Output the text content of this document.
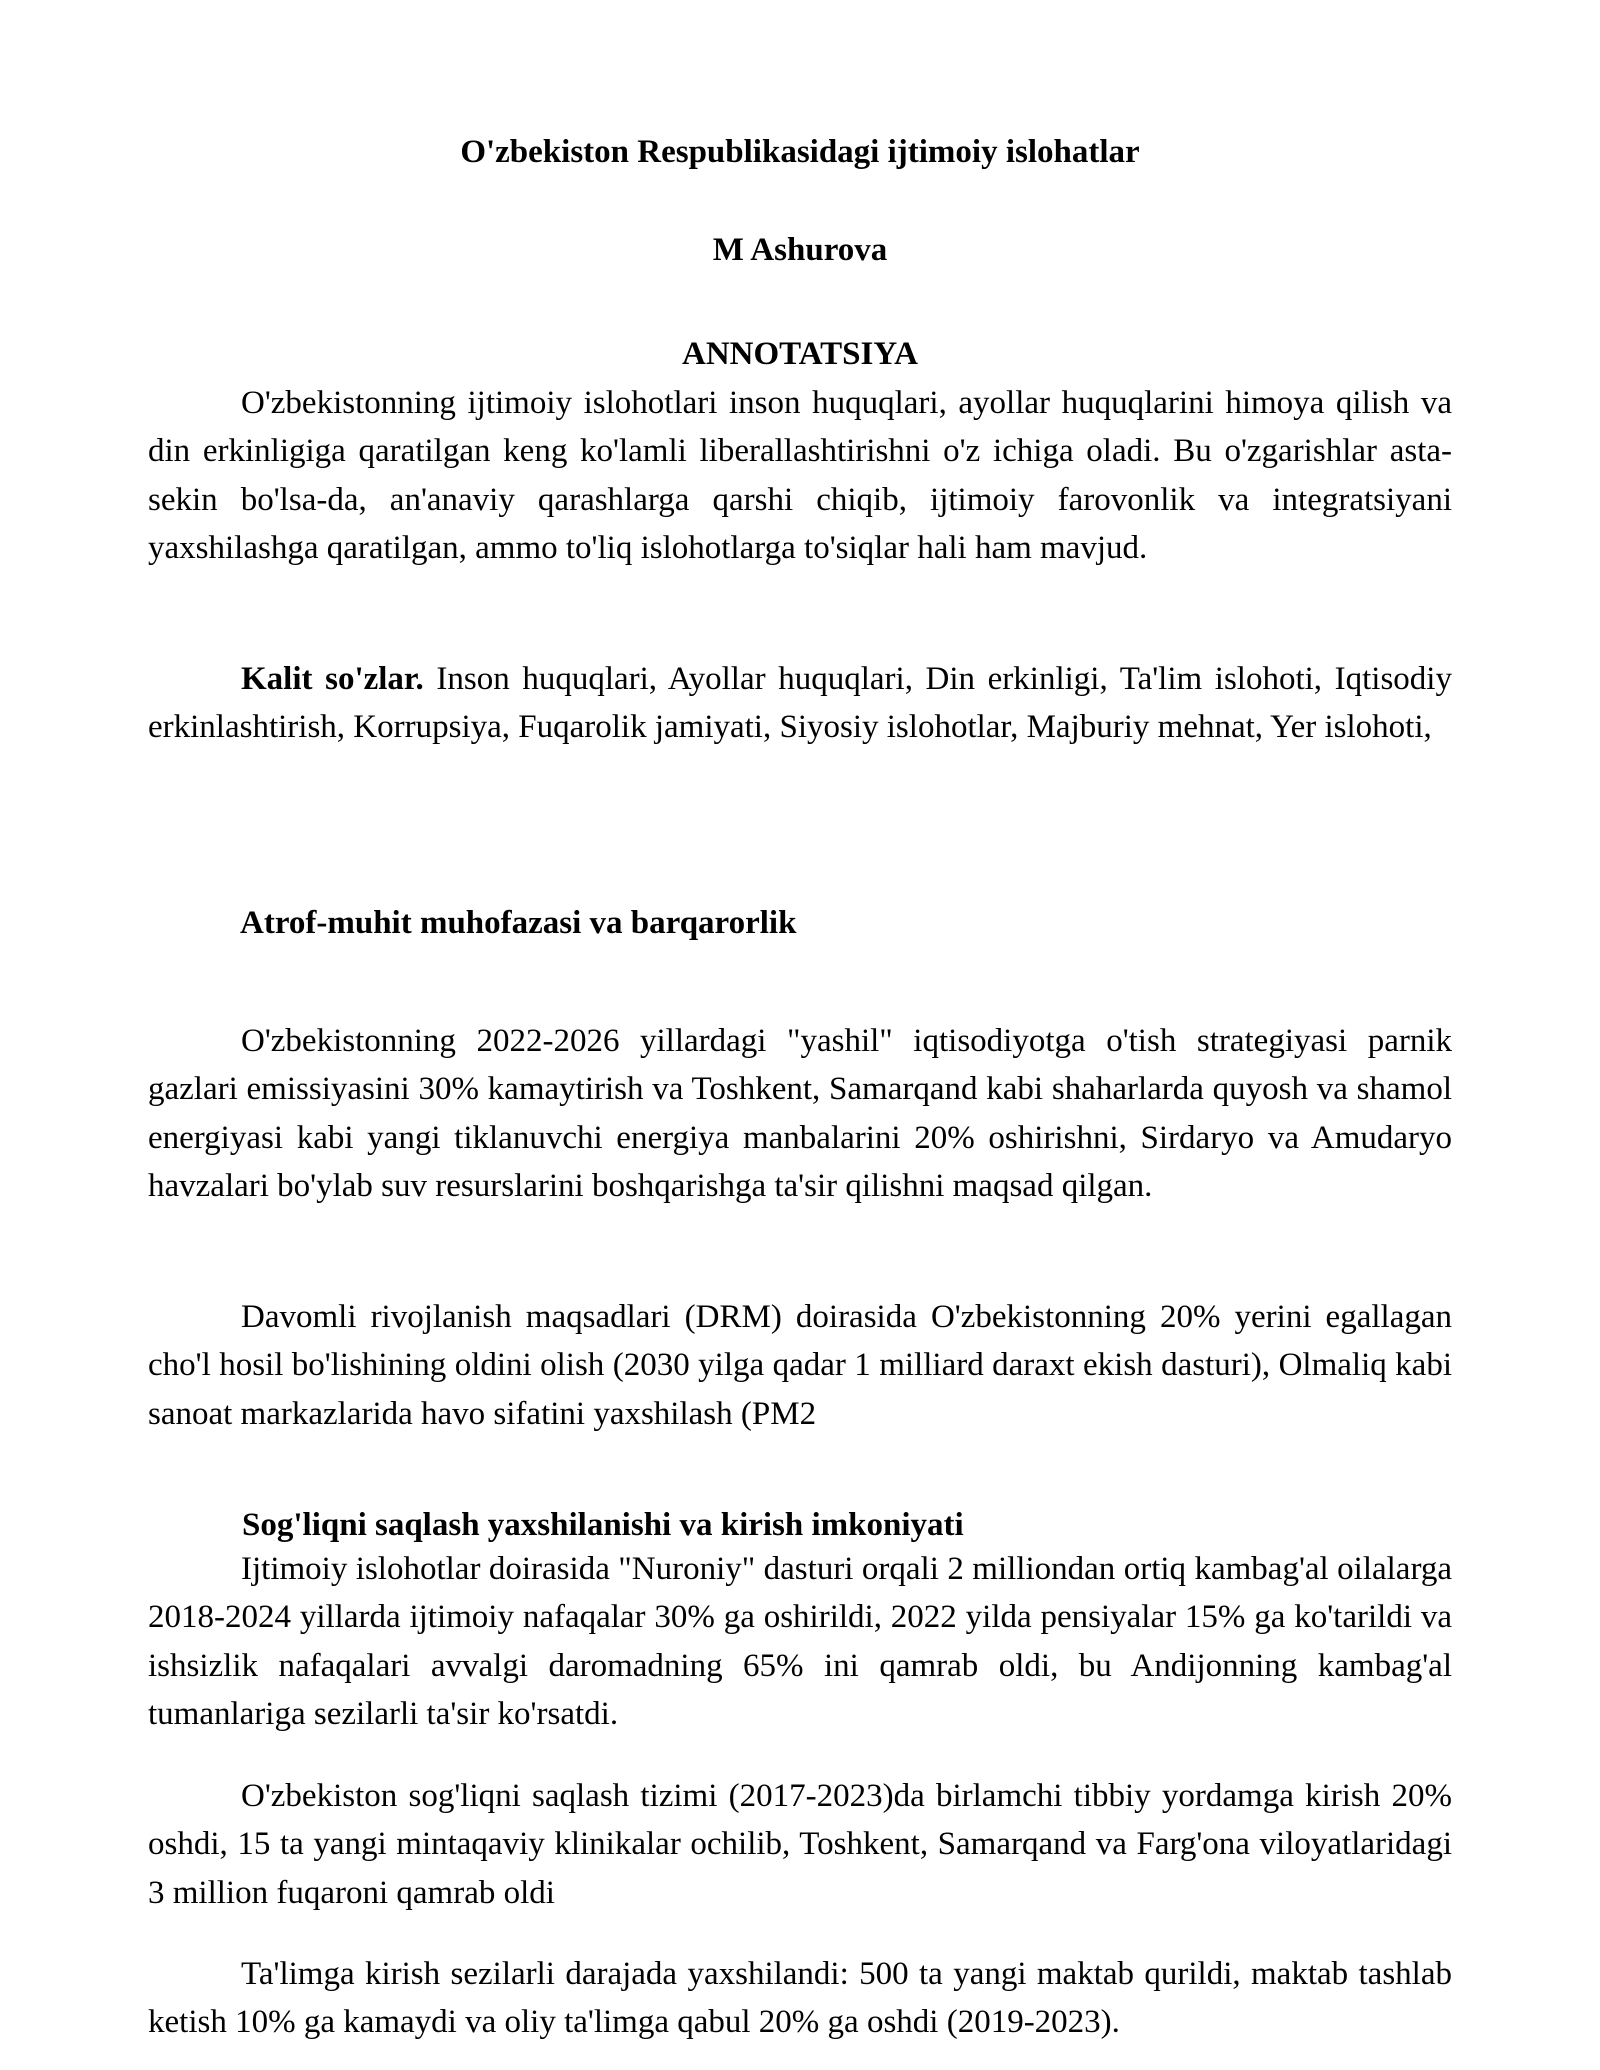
O'zbekiston Respublikasidagi ijtimoiy islohatlar
M Ashurova
ANNOTATSIYA

O'zbekistonning ijtimoiy islohotlari inson huquqlari, ayollar huquqlarini himoya qilish va din erkinligiga qaratilgan keng ko'lamli liberallashtirishni o'z ichiga oladi. Bu o'zgarishlar asta-sekin bo'lsa-da, an'anaviy qarashlarga qarshi chiqib, ijtimoiy farovonlik va integratsiyani yaxshilashga qaratilgan, ammo to'liq islohotlarga to'siqlar hali ham mavjud.

Kalit so'zlar. Inson huquqlari, Ayollar huquqlari, Din erkinligi, Ta'lim islohoti, Iqtisodiy erkinlashtirish, Korrupsiya, Fuqarolik jamiyati, Siyosiy islohotlar, Majburiy mehnat, Yer islohoti,

Atrof-muhit muhofazasi va barqarorlik

O'zbekistonning 2022-2026 yillardagi "yashil" iqtisodiyotga o'tish strategiyasi parnik gazlari emissiyasini 30% kamaytirish va Toshkent, Samarqand kabi shaharlarda quyosh va shamol energiyasi kabi yangi tiklanuvchi energiya manbalarini 20% oshirishni, Sirdaryo va Amudaryo havzalari bo'ylab suv resurslarini boshqarishga ta'sir qilishni maqsad qilgan.

Davomli rivojlanish maqsadlari (DRM) doirasida O'zbekistonning 20% yerini egallagan cho'l hosil bo'lishining oldini olish (2030 yilga qadar 1 milliard daraxt ekish dasturi), Olmaliq kabi sanoat markazlarida havo sifatini yaxshilash (PM2

Sog'liqni saqlash yaxshilanishi va kirish imkoniyati

Ijtimoiy islohotlar doirasida "Nuroniy" dasturi orqali 2 milliondan ortiq kambag'al oilalarga 2018-2024 yillarda ijtimoiy nafaqalar 30% ga oshirildi, 2022 yilda pensiyalar 15% ga ko'tarildi va ishsizlik nafaqalari avvalgi daromadning 65% ini qamrab oldi, bu Andijonning kambag'al tumanlariga sezilarli ta'sir ko'rsatdi.

O'zbekiston sog'liqni saqlash tizimi (2017-2023)da birlamchi tibbiy yordamga kirish 20% oshdi, 15 ta yangi mintaqaviy klinikalar ochilib, Toshkent, Samarqand va Farg'ona viloyatlaridagi 3 million fuqaroni qamrab oldi

Ta'limga kirish sezilarli darajada yaxshilandi: 500 ta yangi maktab qurildi, maktab tashlab ketish 10% ga kamaydi va oliy ta'limga qabul 20% ga oshdi (2019-2023).
